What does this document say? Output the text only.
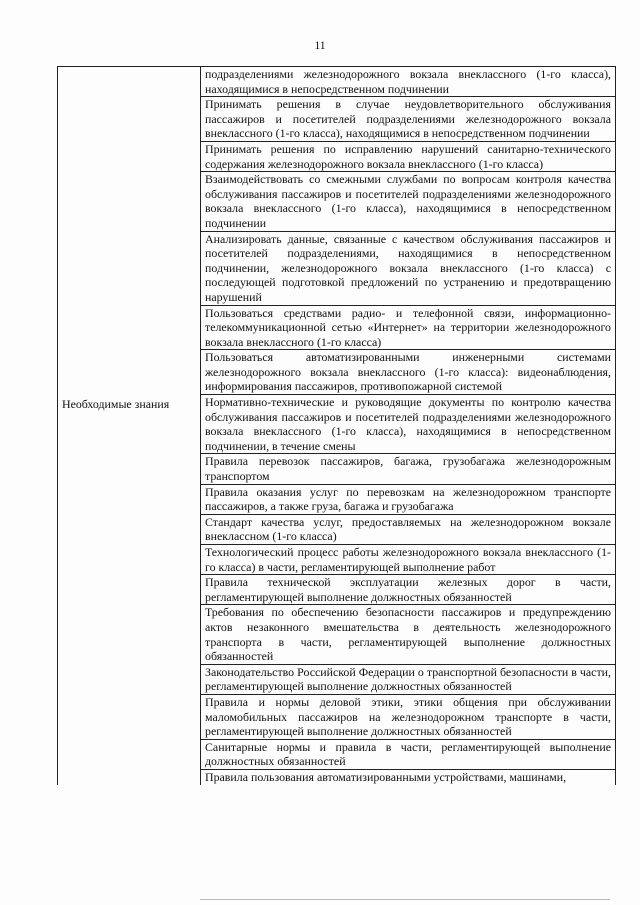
11
	подразделениями железнодорожного вокзала внеклассного (1-го класса), находящимися в непосредственном подчинении
	Принимать решения в случае неудовлетворительного обслуживания пассажиров и посетителей подразделениями железнодорожного вокзала внеклассного (1-го класса), находящимися в непосредственном подчинении
	Принимать решения по исправлению нарушений санитарно-технического содержания железнодорожного вокзала внеклассного (1-го класса)
	Взаимодействовать со смежными службами по вопросам контроля качества обслуживания пассажиров и посетителей подразделениями железнодорожного вокзала внеклассного (1-го класса), находящимися в непосредственном подчинении
	Анализировать данные, связанные с качеством обслуживания пассажиров и посетителей подразделениями, находящимися в непосредственном подчинении, железнодорожного вокзала внеклассного (1-го класса) с последующей подготовкой предложений по устранению и предотвращению нарушений
	Пользоваться средствами радио- и телефонной связи, информационно-телекоммуникационной сетью «Интернет» на территории железнодорожного вокзала внеклассного (1-го класса)
	Пользоваться автоматизированными инженерными системами железнодорожного вокзала внеклассного (1-го класса): видеонаблюдения, информирования пассажиров, противопожарной системой
Необходимые знания	Нормативно-технические и руководящие документы по контролю качества обслуживания пассажиров и посетителей подразделениями железнодорожного вокзала внеклассного (1-го класса), находящимися в непосредственном подчинении, в течение смены
	Правила перевозок пассажиров, багажа, грузобагажа железнодорожным транспортом
	Правила оказания услуг по перевозкам на железнодорожном транспорте пассажиров, а также груза, багажа и грузобагажа
	Стандарт качества услуг, предоставляемых на железнодорожном вокзале внеклассном (1-го класса)
	Технологический процесс работы железнодорожного вокзала внеклассного (1-го класса) в части, регламентирующей выполнение работ
	Правила технической эксплуатации железных дорог в части, регламентирующей выполнение должностных обязанностей
	Требования по обеспечению безопасности пассажиров и предупреждению актов незаконного вмешательства в деятельность железнодорожного транспорта в части, регламентирующей выполнение должностных обязанностей
	Законодательство Российской Федерации о транспортной безопасности в части, регламентирующей выполнение должностных обязанностей
	Правила и нормы деловой этики, этики общения при обслуживании маломобильных пассажиров на железнодорожном транспорте в части, регламентирующей выполнение должностных обязанностей
	Санитарные нормы и правила в части, регламентирующей выполнение должностных обязанностей
	Правила пользования автоматизированными устройствами, машинами,
